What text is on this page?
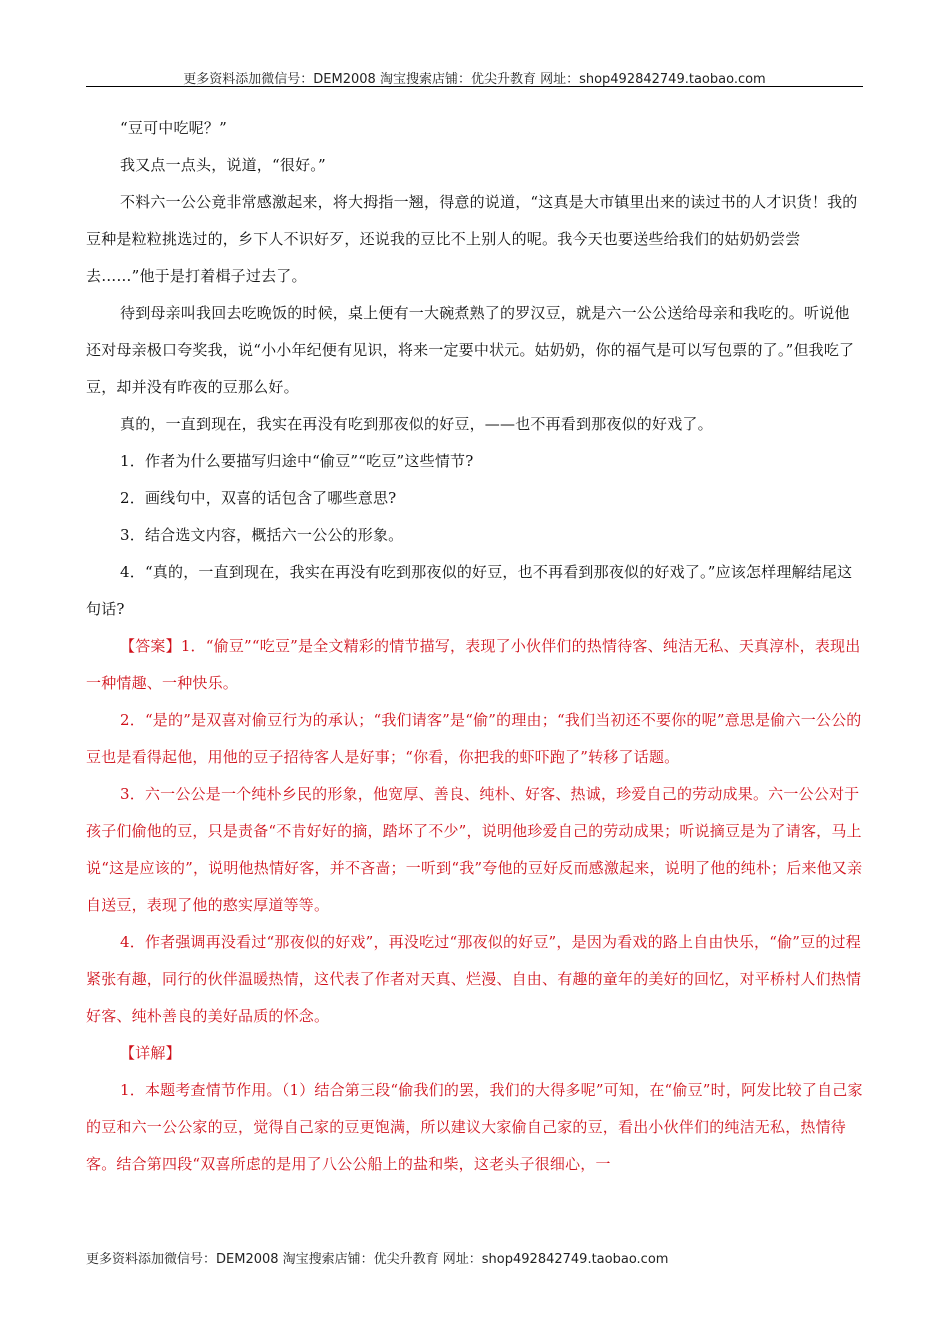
更多资料添加微信号：DEM2008 淘宝搜索店铺：优尖升教育 网址：shop492842749.taobao.com

“豆可中吃呢？”

我又点一点头，说道，“很好。”

不料六一公公竟非常感激起来，将大拇指一翘，得意的说道，“这真是大市镇里出来的读过书的人才识货！我的豆种是粒粒挑选过的，乡下人不识好歹，还说我的豆比不上别人的呢。我今天也要送些给我们的姑奶奶尝尝去……”他于是打着楫子过去了。

待到母亲叫我回去吃晚饭的时候，桌上便有一大碗煮熟了的罗汉豆，就是六一公公送给母亲和我吃的。听说他还对母亲极口夸奖我，说“小小年纪便有见识，将来一定要中状元。姑奶奶，你的福气是可以写包票的了。”但我吃了豆，却并没有昨夜的豆那么好。

真的，一直到现在，我实在再没有吃到那夜似的好豆，——也不再看到那夜似的好戏了。

1．作者为什么要描写归途中“偷豆”“吃豆”这些情节?

2．画线句中，双喜的话包含了哪些意思?

3．结合选文内容，概括六一公公的形象。

4．“真的，一直到现在，我实在再没有吃到那夜似的好豆，也不再看到那夜似的好戏了。”应该怎样理解结尾这句话?

【答案】1．“偷豆”“吃豆”是全文精彩的情节描写，表现了小伙伴们的热情待客、纯洁无私、天真淳朴，表现出一种情趣、一种快乐。

2．“是的”是双喜对偷豆行为的承认；“我们请客”是“偷”的理由；“我们当初还不要你的呢”意思是偷六一公公的豆也是看得起他，用他的豆子招待客人是好事；“你看，你把我的虾吓跑了”转移了话题。

3．六一公公是一个纯朴乡民的形象，他宽厚、善良、纯朴、好客、热诚，珍爱自己的劳动成果。六一公公对于孩子们偷他的豆，只是责备“不肯好好的摘，踏坏了不少”，说明他珍爱自己的劳动成果；听说摘豆是为了请客，马上说“这是应该的”，说明他热情好客，并不吝啬；一听到“我”夸他的豆好反而感激起来，说明了他的纯朴；后来他又亲自送豆，表现了他的憨实厚道等等。

4．作者强调再没看过“那夜似的好戏”，再没吃过“那夜似的好豆”，是因为看戏的路上自由快乐，“偷”豆的过程紧张有趣，同行的伙伴温暖热情，这代表了作者对天真、烂漫、自由、有趣的童年的美好的回忆，对平桥村人们热情好客、纯朴善良的美好品质的怀念。

【详解】

1．本题考查情节作用。（1）结合第三段“偷我们的罢，我们的大得多呢”可知，在“偷豆”时，阿发比较了自己家的豆和六一公公家的豆，觉得自己家的豆更饱满，所以建议大家偷自己家的豆，看出小伙伴们的纯洁无私，热情待客。结合第四段“双喜所虑的是用了八公公船上的盐和柴，这老头子很细心，一

更多资料添加微信号：DEM2008 淘宝搜索店铺：优尖升教育 网址：shop492842749.taobao.com
